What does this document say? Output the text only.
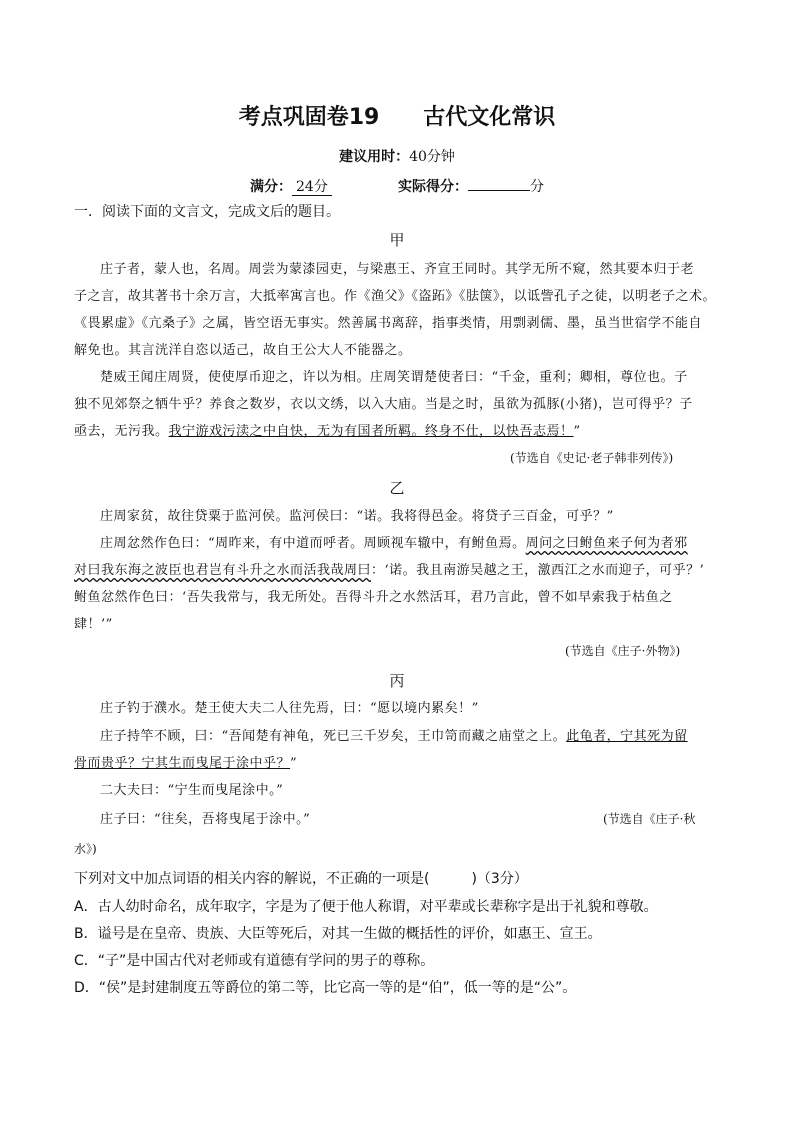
考点巩固卷19　　古代文化常识
建议用时：40分钟
满分： 24分	实际得分：	分
一．阅读下面的文言文，完成文后的题目。
甲
庄子者，蒙人也，名周。周尝为蒙漆园吏，与梁惠王、齐宣王同时。其学无所不窥，然其要本归于老
子之言，故其著书十余万言，大抵率寓言也。作《渔父》《盗跖》《胠箧》，以诋訾孔子之徒，以明老子之术。
《畏累虚》《亢桑子》之属，皆空语无事实。然善属书离辞，指事类情，用剽剥儒、墨，虽当世宿学不能自
解免也。其言洸洋自恣以适己，故自王公大人不能器之。
楚威王闻庄周贤，使使厚币迎之，许以为相。庄周笑谓楚使者曰：“千金，重利；卿相，尊位也。子
独不见郊祭之牺牛乎？养食之数岁，衣以文绣，以入大庙。当是之时，虽欲为孤豚(小猪)，岂可得乎？子
亟去，无污我。我宁游戏污渎之中自快，无为有国者所羁。终身不仕，以快吾志焉！”
(节选自《史记·老子韩非列传》)
乙
庄周家贫，故往贷粟于监河侯。监河侯曰：“诺。我将得邑金。将贷子三百金，可乎？”
庄周忿然作色曰：“周昨来，有中道而呼者。周顾视车辙中，有鲋鱼焉。周问之曰鲋鱼来子何为者邪
对曰我东海之波臣也君岂有斗升之水而活我哉周曰：‘诺。我且南游吴越之王，激西江之水而迎子，可乎？’
鲋鱼忿然作色曰：‘吾失我常与，我无所处。吾得斗升之水然活耳，君乃言此，曾不如早索我于枯鱼之
肆！’”
(节选自《庄子·外物》)
丙
庄子钓于濮水。楚王使大夫二人往先焉，曰：“愿以境内累矣！”
庄子持竿不顾，曰：“吾闻楚有神龟，死已三千岁矣，王巾笥而藏之庙堂之上。此龟者，宁其死为留
骨而贵乎？宁其生而曳尾于涂中乎？”
二大夫曰：“宁生而曳尾涂中。”
庄子曰：“往矣，吾将曳尾于涂中。”	(节选自《庄子·秋
水》)
下列对文中加点词语的相关内容的解说，不正确的一项是(　　　)（3分）
A．古人幼时命名，成年取字，字是为了便于他人称谓，对平辈或长辈称字是出于礼貌和尊敬。
B．谥号是在皇帝、贵族、大臣等死后，对其一生做的概括性的评价，如惠王、宣王。
C．“子”是中国古代对老师或有道德有学问的男子的尊称。
D．“侯”是封建制度五等爵位的第二等，比它高一等的是“伯”，低一等的是“公”。
